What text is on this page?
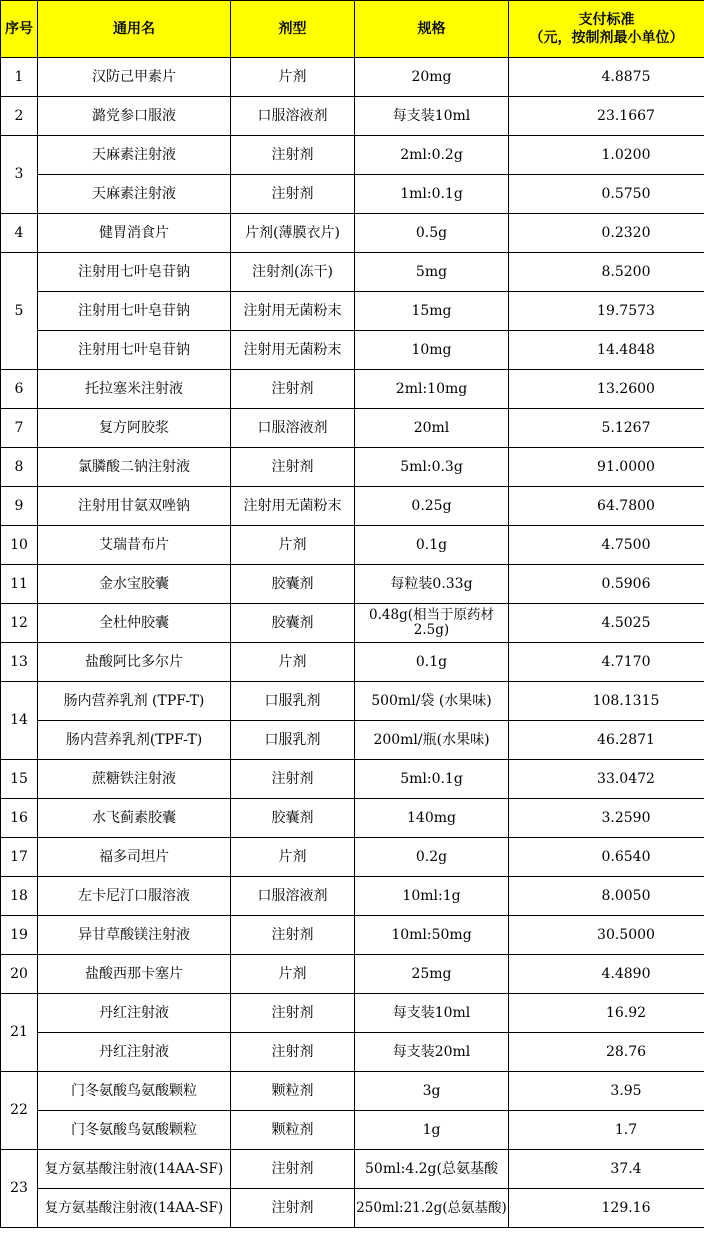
序号	通用名	剂型	规格	支付标准
（元，按制剂最小单位）

1	汉防己甲素片	片剂	20mg	4.8875
2	潞党参口服液	口服溶液剂	每支装10ml	23.1667
3	天麻素注射液	注射剂	2ml:0.2g	1.0200
	天麻素注射液	注射剂	1ml:0.1g	0.5750
4	健胃消食片	片剂(薄膜衣片)	0.5g	0.2320
5	注射用七叶皂苷钠	注射剂(冻干)	5mg	8.5200
	注射用七叶皂苷钠	注射用无菌粉末	15mg	19.7573
	注射用七叶皂苷钠	注射用无菌粉末	10mg	14.4848
6	托拉塞米注射液	注射剂	2ml:10mg	13.2600
7	复方阿胶浆	口服溶液剂	20ml	5.1267
8	氯膦酸二钠注射液	注射剂	5ml:0.3g	91.0000
9	注射用甘氨双唑钠	注射用无菌粉末	0.25g	64.7800
10	艾瑞昔布片	片剂	0.1g	4.7500
11	金水宝胶囊	胶囊剂	每粒装0.33g	0.5906
12	全杜仲胶囊	胶囊剂	0.48g(相当于原药材2.5g)	4.5025
13	盐酸阿比多尔片	片剂	0.1g	4.7170
14	肠内营养乳剂 (TPF-T)	口服乳剂	500ml/袋 (水果味)	108.1315
	肠内营养乳剂(TPF-T)	口服乳剂	200ml/瓶(水果味)	46.2871
15	蔗糖铁注射液	注射剂	5ml:0.1g	33.0472
16	水飞蓟素胶囊	胶囊剂	140mg	3.2590
17	福多司坦片	片剂	0.2g	0.6540
18	左卡尼汀口服溶液	口服溶液剂	10ml:1g	8.0050
19	异甘草酸镁注射液	注射剂	10ml:50mg	30.5000
20	盐酸西那卡塞片	片剂	25mg	4.4890
21	丹红注射液	注射剂	每支装10ml	16.92
	丹红注射液	注射剂	每支装20ml	28.76
22	门冬氨酸鸟氨酸颗粒	颗粒剂	3g	3.95
	门冬氨酸鸟氨酸颗粒	颗粒剂	1g	1.7
23	复方氨基酸注射液(14AA-SF)	注射剂	50ml:4.2g(总氨基酸	37.4
	复方氨基酸注射液(14AA-SF)	注射剂	250ml:21.2g(总氨基酸)	129.16
